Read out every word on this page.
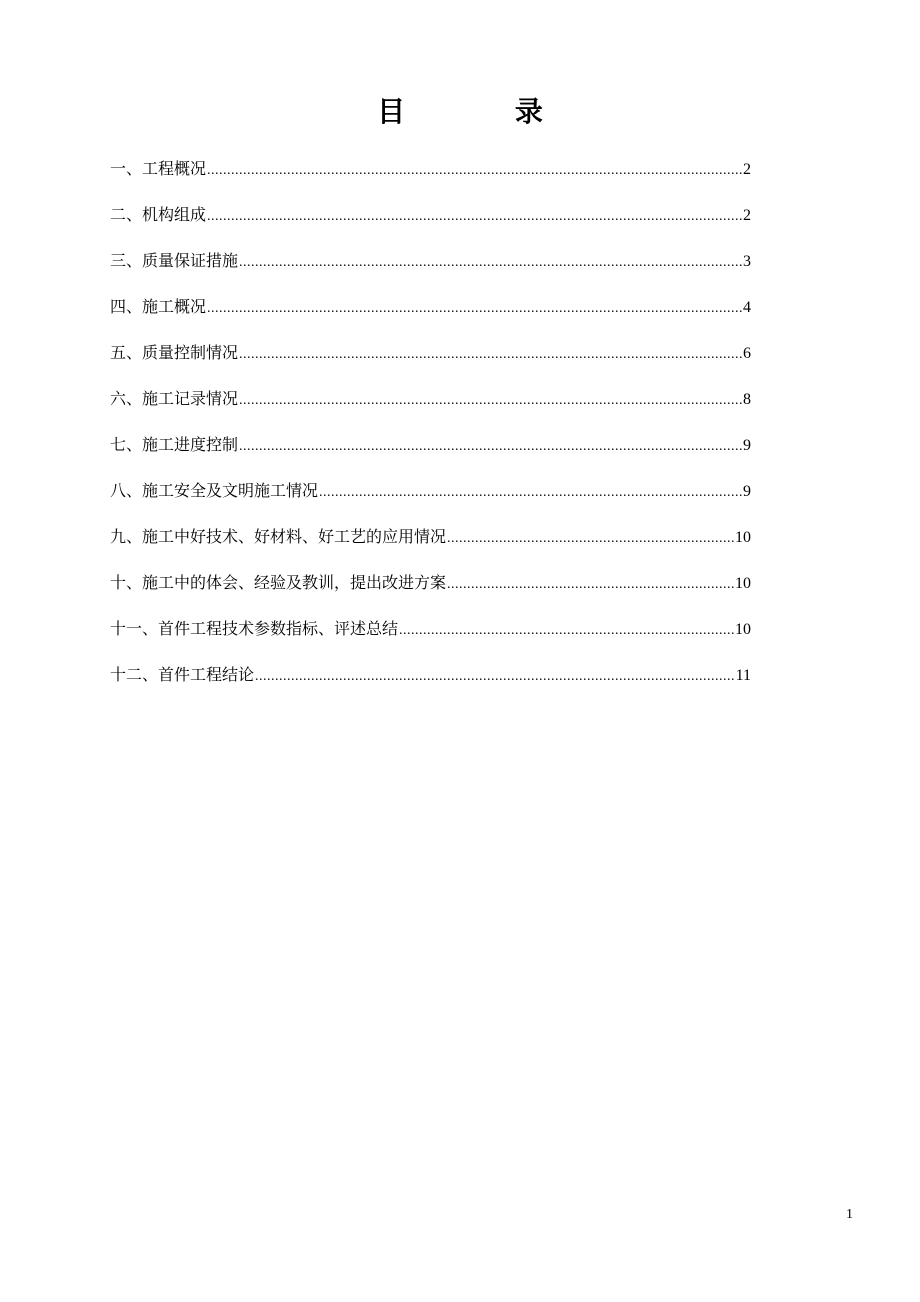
目 录
一、工程概况 .....	2
二、机构组成 .....	2
三、质量保证措施 .....	3
四、施工概况 .....	4
五、质量控制情况 .....	6
六、施工记录情况 .....	8
七、施工进度控制 .....	9
八、施工安全及文明施工情况 .....	9
九、施工中好技术、好材料、好工艺的应用情况 .....	10
十、施工中的体会、经验及教训，提出改进方案 .....	10
十一、首件工程技术参数指标、评述总结 .....	10
十二、首件工程结论 .....	11
1
